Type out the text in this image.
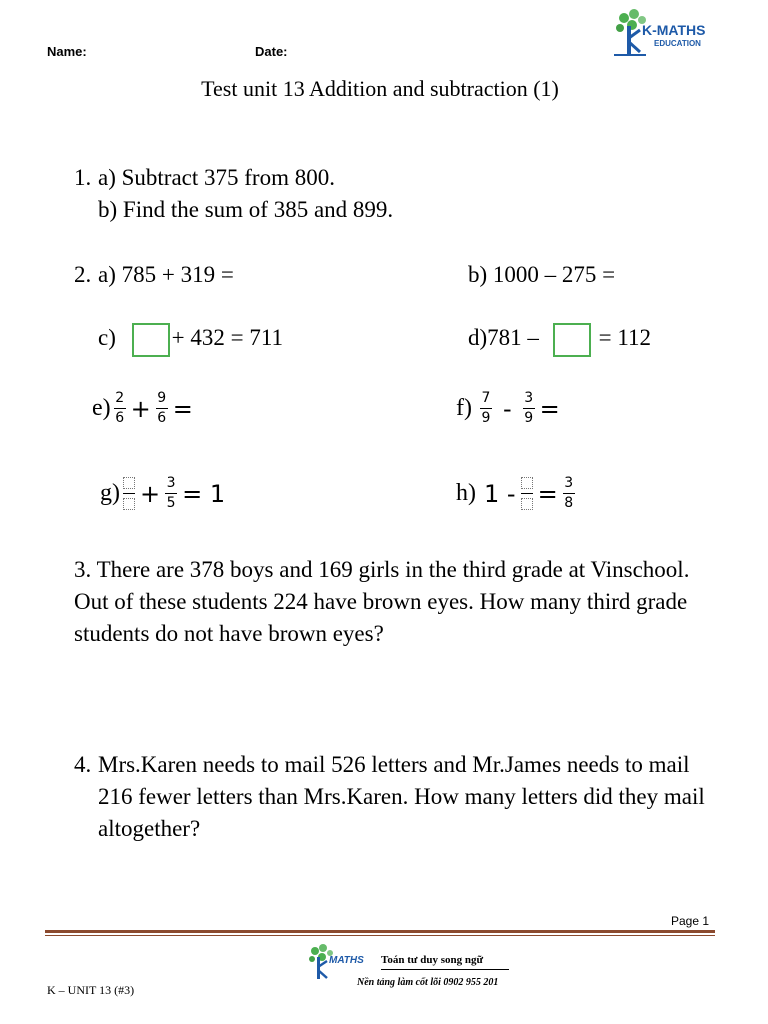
Name:	Date:
K-MATHS
EDUCATION
Test unit 13 Addition and subtraction (1)
1. a) Subtract 375 from 800.
b) Find the sum of 385 and 899.
2. a) 785 + 319 =	b) 1000 – 275 =
c) + 432 = 711	d)781 –	= 112
$e) \frac{2}{6} + \frac{9}{6}$ =	$f) \frac{7}{9} - \frac{3}{9}$ =
$g) + \frac{3}{5} = 1$	h) 1 - = $\frac{3}{8}$
3. There are 378 boys and 169 girls in the third grade at Vinschool. Out of these students 224 have brown eyes. How many third grade students do not have brown eyes?
4. Mrs.Karen needs to mail 526 letters and Mr.James needs to mail 216 fewer letters than Mrs.Karen. How many letters did they mail altogether?
Page 1
MATHS Toán tư duy song ngữ
Nền tảng làm cốt lõi 0902 955 201
K – UNIT 13 (#3)
